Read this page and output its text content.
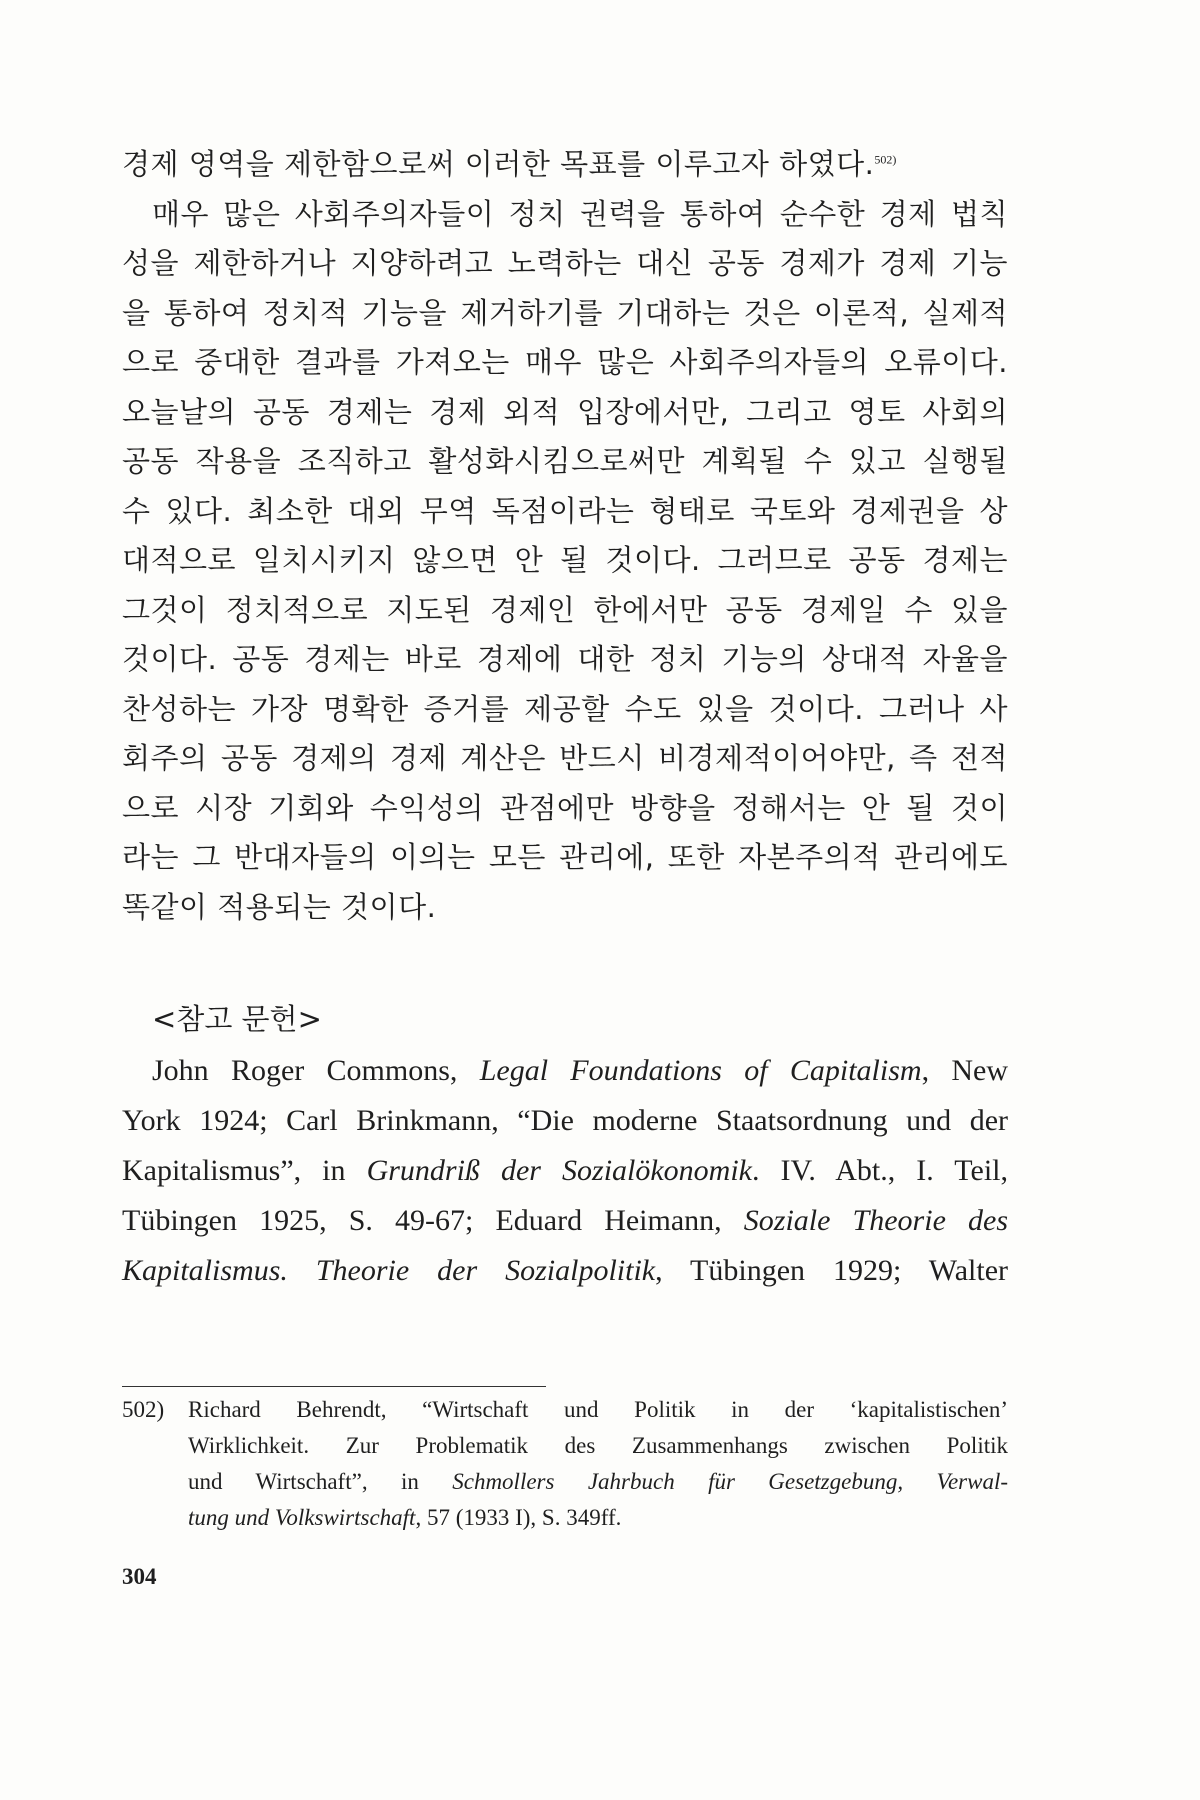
경제 영역을 제한함으로써 이러한 목표를 이루고자 하였다.$^{502)}$
매우 많은 사회주의자들이 정치 권력을 통하여 순수한 경제 법칙
성을 제한하거나 지양하려고 노력하는 대신 공동 경제가 경제 기능
을 통하여 정치적 기능을 제거하기를 기대하는 것은 이론적, 실제적
으로 중대한 결과를 가져오는 매우 많은 사회주의자들의 오류이다.
오늘날의 공동 경제는 경제 외적 입장에서만, 그리고 영토 사회의
공동 작용을 조직하고 활성화시킴으로써만 계획될 수 있고 실행될
수 있다. 최소한 대외 무역 독점이라는 형태로 국토와 경제권을 상
대적으로 일치시키지 않으면 안 될 것이다. 그러므로 공동 경제는
그것이 정치적으로 지도된 경제인 한에서만 공동 경제일 수 있을
것이다. 공동 경제는 바로 경제에 대한 정치 기능의 상대적 자율을
찬성하는 가장 명확한 증거를 제공할 수도 있을 것이다. 그러나 사
회주의 공동 경제의 경제 계산은 반드시 비경제적이어야만, 즉 전적
으로 시장 기회와 수익성의 관점에만 방향을 정해서는 안 될 것이
라는 그 반대자들의 이의는 모든 관리에, 또한 자본주의적 관리에도
똑같이 적용되는 것이다.
<참고 문헌>
John Roger Commons, Legal Foundations of Capitalism, New
York 1924; Carl Brinkmann, “Die moderne Staatsordnung und der
Kapitalismus”, in Grundriß der Sozialökonomik. IV. Abt., I. Teil,
Tübingen 1925, S. 49-67; Eduard Heimann, Soziale Theorie des
Kapitalismus. Theorie der Sozialpolitik, Tübingen 1929; Walter
502)	Richard Behrendt, “Wirtschaft und Politik in der ‘kapitalistischen’
Wirklichkeit. Zur Problematik des Zusammenhangs zwischen Politik
und Wirtschaft”, in Schmollers Jahrbuch für Gesetzgebung, Verwal-
tung und Volkswirtschaft, 57 (1933 I), S. 349ff.
304
